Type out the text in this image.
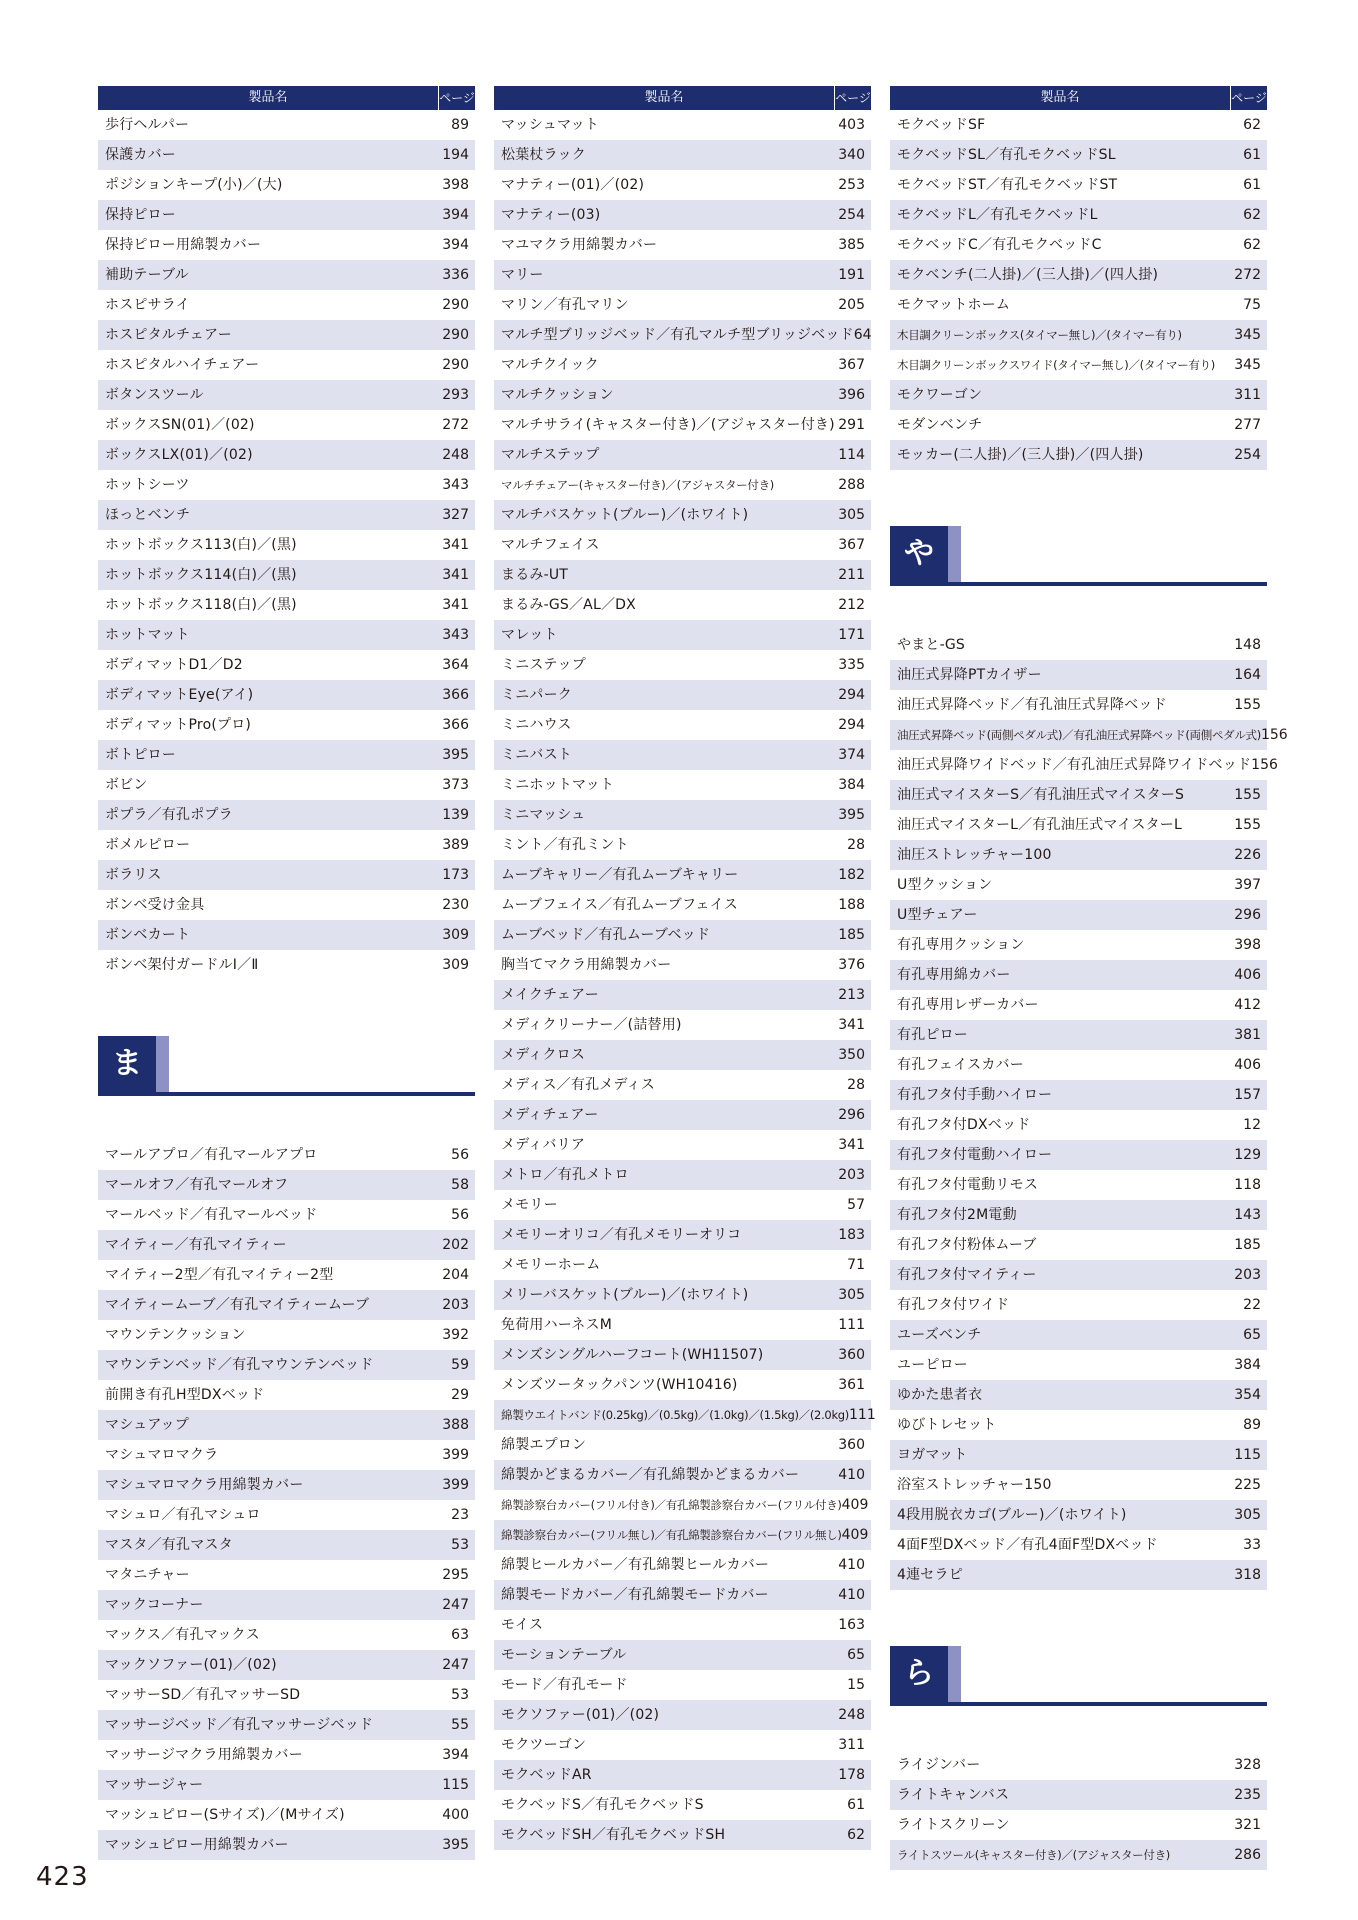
製品名	ページ
歩行ヘルパー	89
保護カバー	194
ポジションキープ(小)／(大)	398
保持ピロー	394
保持ピロー用綿製カバー	394
補助テーブル	336
ホスピサライ	290
ホスピタルチェアー	290
ホスピタルハイチェアー	290
ボタンスツール	293
ボックスSN(01)／(02)	272
ボックスLX(01)／(02)	248
ホットシーツ	343
ほっとベンチ	327
ホットボックス113(白)／(黒)	341
ホットボックス114(白)／(黒)	341
ホットボックス118(白)／(黒)	341
ホットマット	343
ボディマットD1／D2	364
ボディマットEye(アイ)	366
ボディマットPro(プロ)	366
ボトピロー	395
ボビン	373
ポプラ／有孔ポプラ	139
ボメルピロー	389
ボラリス	173
ボンベ受け金具	230
ボンベカート	309
ボンベ架付ガードルⅠ／Ⅱ	309
ま
マールアプロ／有孔マールアプロ	56
マールオフ／有孔マールオフ	58
マールベッド／有孔マールベッド	56
マイティー／有孔マイティー	202
マイティー2型／有孔マイティー2型	204
マイティームーブ／有孔マイティームーブ	203
マウンテンクッション	392
マウンテンベッド／有孔マウンテンベッド	59
前開き有孔H型DXベッド	29
マシュアップ	388
マシュマロマクラ	399
マシュマロマクラ用綿製カバー	399
マシュロ／有孔マシュロ	23
マスタ／有孔マスタ	53
マタニチャー	295
マックコーナー	247
マックス／有孔マックス	63
マックソファー(01)／(02)	247
マッサーSD／有孔マッサーSD	53
マッサージベッド／有孔マッサージベッド	55
マッサージマクラ用綿製カバー	394
マッサージャー	115
マッシュピロー(Sサイズ)／(Mサイズ)	400
マッシュピロー用綿製カバー	395
製品名	ページ
マッシュマット	403
松葉杖ラック	340
マナティー(01)／(02)	253
マナティー(03)	254
マユマクラ用綿製カバー	385
マリー	191
マリン／有孔マリン	205
マルチ型ブリッジベッド／有孔マルチ型ブリッジベッド 64
マルチクイック	367
マルチクッション	396
マルチサライ(キャスター付き)／(アジャスター付き) 291
マルチステップ	114
マルチチェアー(キャスター付き)／(アジャスター付き)	288
マルチバスケット(ブルー)／(ホワイト)	305
マルチフェイス	367
まるみ-UT	211
まるみ-GS／AL／DX	212
マレット	171
ミニステップ	335
ミニパーク	294
ミニハウス	294
ミニバスト	374
ミニホットマット	384
ミニマッシュ	395
ミント／有孔ミント	28
ムーブキャリー／有孔ムーブキャリー	182
ムーブフェイス／有孔ムーブフェイス	188
ムーブベッド／有孔ムーブベッド	185
胸当てマクラ用綿製カバー	376
メイクチェアー	213
メディクリーナー／(詰替用)	341
メディクロス	350
メディス／有孔メディス	28
メディチェアー	296
メディバリア	341
メトロ／有孔メトロ	203
メモリー	57
メモリーオリコ／有孔メモリーオリコ	183
メモリーホーム	71
メリーバスケット(ブルー)／(ホワイト)	305
免荷用ハーネスM	111
メンズシングルハーフコート(WH11507)	360
メンズツータックパンツ(WH10416)	361
綿製ウエイトバンド(0.25kg)／(0.5kg)／(1.0kg)／(1.5kg)／(2.0kg) 111
綿製エプロン	360
綿製かどまるカバー／有孔綿製かどまるカバー	410
綿製診察台カバー(フリル付き)／有孔綿製診察台カバー(フリル付き) 409
綿製診察台カバー(フリル無し)／有孔綿製診察台カバー(フリル無し) 409
綿製ヒールカバー／有孔綿製ヒールカバー	410
綿製モードカバー／有孔綿製モードカバー	410
モイス	163
モーションテーブル	65
モード／有孔モード	15
モクソファー(01)／(02)	248
モクツーゴン	311
モクベッドAR	178
モクベッドS／有孔モクベッドS	61
モクベッドSH／有孔モクベッドSH	62
製品名	ページ
モクベッドSF	62
モクベッドSL／有孔モクベッドSL	61
モクベッドST／有孔モクベッドST	61
モクベッドL／有孔モクベッドL	62
モクベッドC／有孔モクベッドC	62
モクベンチ(二人掛)／(三人掛)／(四人掛)	272
モクマットホーム	75
木目調クリーンボックス(タイマー無し)／(タイマー有り)	345
木目調クリーンボックスワイド(タイマー無し)／(タイマー有り)	345
モクワーゴン	311
モダンベンチ	277
モッカー(二人掛)／(三人掛)／(四人掛)	254
や
やまと-GS	148
油圧式昇降PTカイザー	164
油圧式昇降ベッド／有孔油圧式昇降ベッド	155
油圧式昇降ベッド(両側ペダル式)／有孔油圧式昇降ベッド(両側ペダル式) 156
油圧式昇降ワイドベッド／有孔油圧式昇降ワイドベッド 156
油圧式マイスターS／有孔油圧式マイスターS	155
油圧式マイスターL／有孔油圧式マイスターL	155
油圧ストレッチャー100	226
U型クッション	397
U型チェアー	296
有孔専用クッション	398
有孔専用綿カバー	406
有孔専用レザーカバー	412
有孔ピロー	381
有孔フェイスカバー	406
有孔フタ付手動ハイロー	157
有孔フタ付DXベッド	12
有孔フタ付電動ハイロー	129
有孔フタ付電動リモス	118
有孔フタ付2M電動	143
有孔フタ付粉体ムーブ	185
有孔フタ付マイティー	203
有孔フタ付ワイド	22
ユーズベンチ	65
ユーピロー	384
ゆかた患者衣	354
ゆびトレセット	89
ヨガマット	115
浴室ストレッチャー150	225
4段用脱衣カゴ(ブルー)／(ホワイト)	305
4面F型DXベッド／有孔4面F型DXベッド	33
4連セラピ	318
ら
ライジンバー	328
ライトキャンバス	235
ライトスクリーン	321
ライトスツール(キャスター付き)／(アジャスター付き)	286
423
